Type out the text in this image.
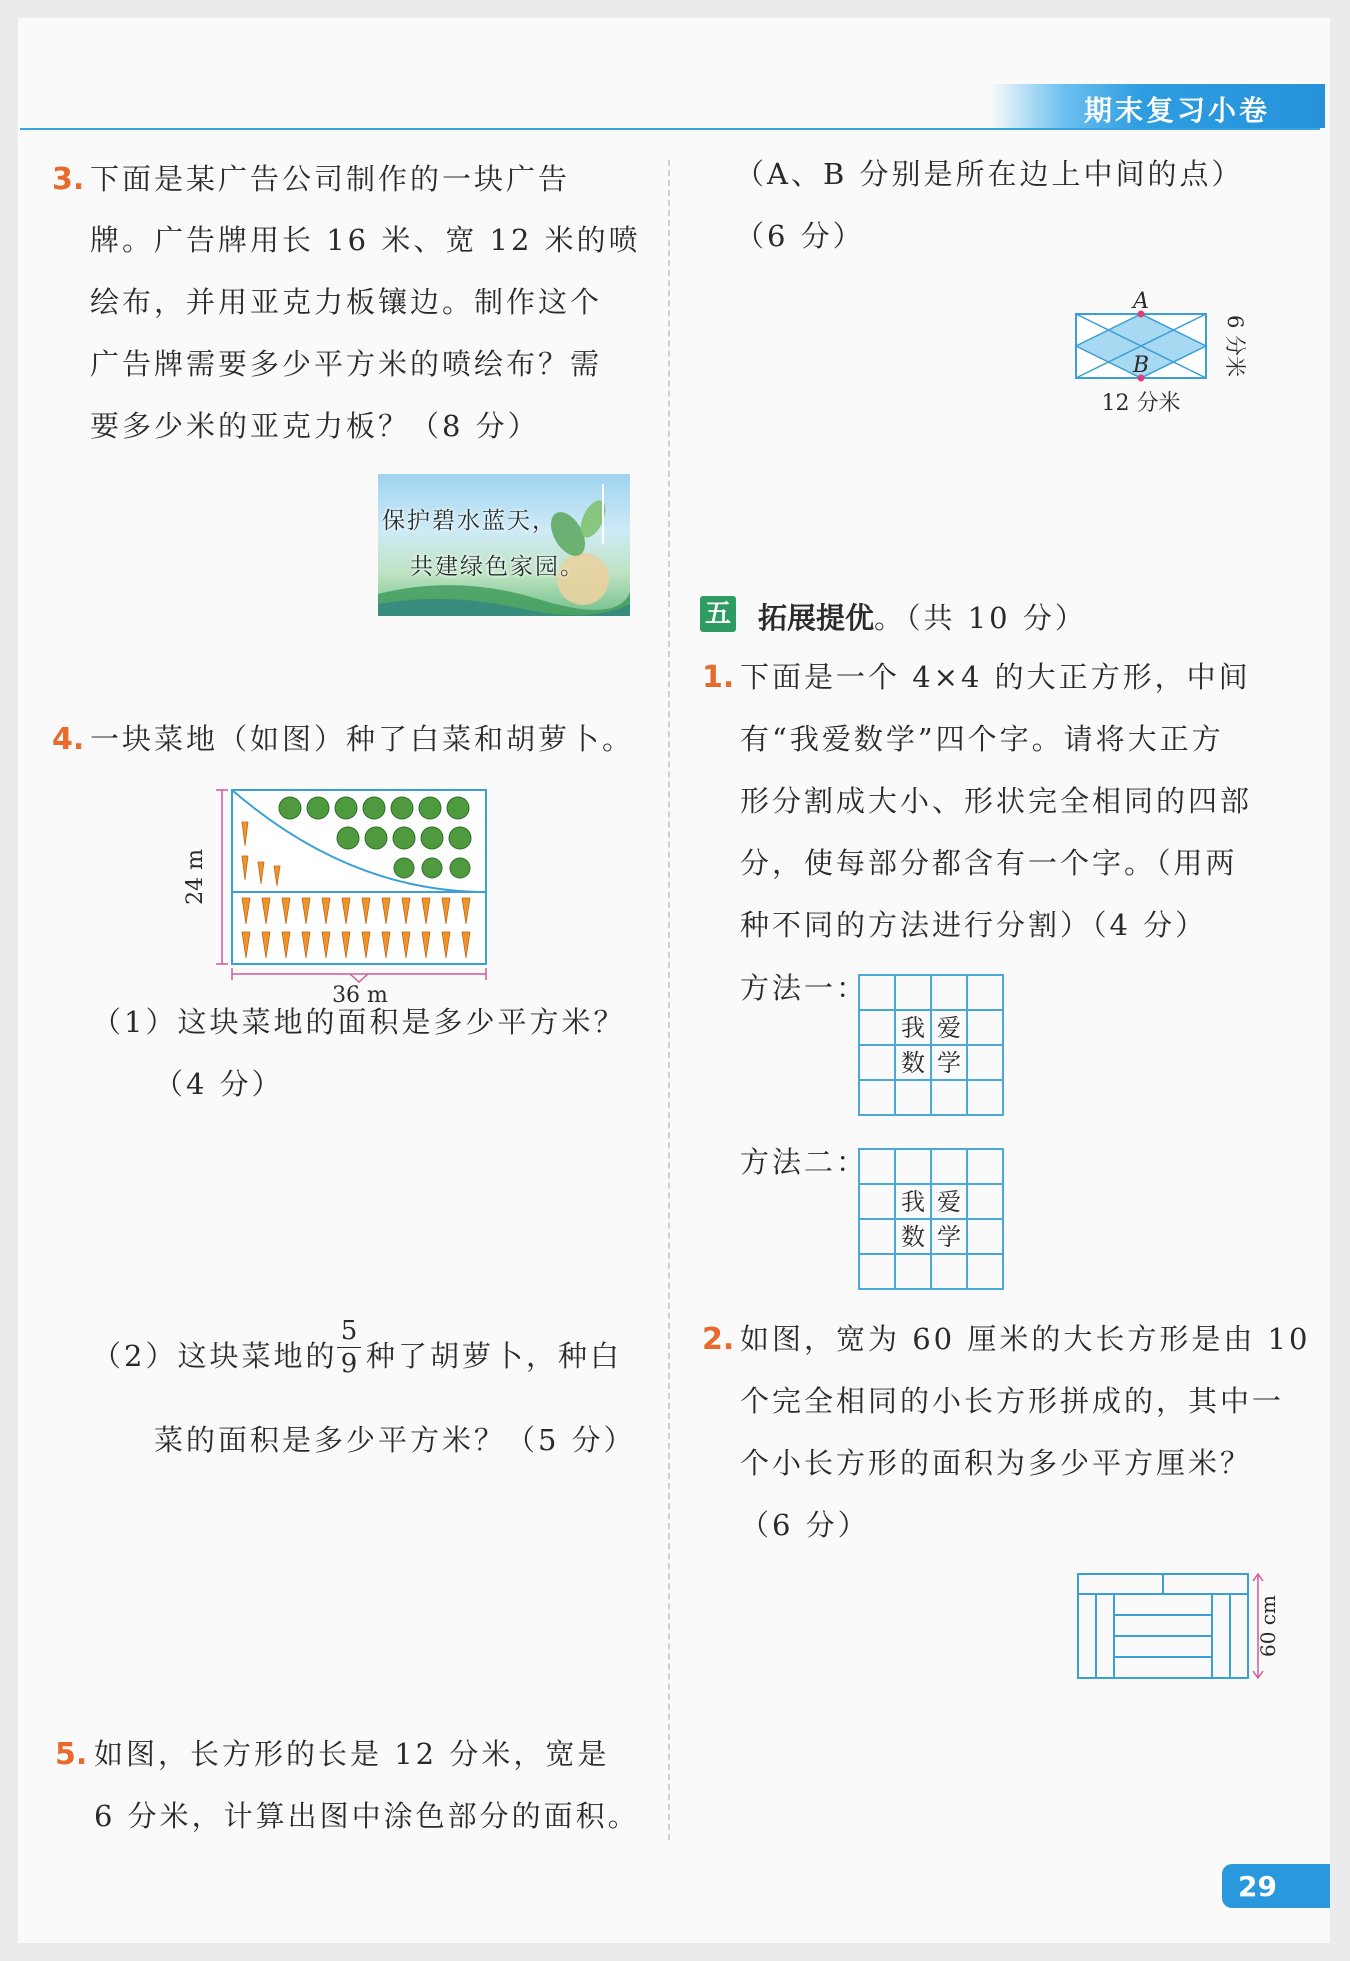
期末复习小卷
3. 下面是某广告公司制作的一块广告
牌。广告牌用长 16 米、宽 12 米的喷
绘布，并用亚克力板镶边。制作这个
广告牌需要多少平方米的喷绘布？需
要多少米的亚克力板？（8 分）
保护碧水蓝天，
共建绿色家园。
4. 一块菜地（如图）种了白菜和胡萝卜。
24 m
36 m
（1）这块菜地的面积是多少平方米？
（4 分）
（2）这块菜地的
5
9 种了胡萝卜，种白
菜的面积是多少平方米？（5 分）
5. 如图，长方形的长是 12 分米，宽是
6 分米，计算出图中涂色部分的面积。
（A、B 分别是所在边上中间的点）
（6 分）
A
B
12 分米
6 分米
五 拓展提优。（共 10 分）
1. 下面是一个 4×4 的大正方形，中间
有“我爱数学”四个字。请将大正方
形分割成大小、形状完全相同的四部
分，使每部分都含有一个字。（用两
种不同的方法进行分割）（4 分）
方法一：

	我	爱	
	数	学	

方法二：

	我	爱	
	数	学	

2. 如图，宽为 60 厘米的大长方形是由 10
个完全相同的小长方形拼成的，其中一
个小长方形的面积为多少平方厘米？
（6 分）
60 cm
29
